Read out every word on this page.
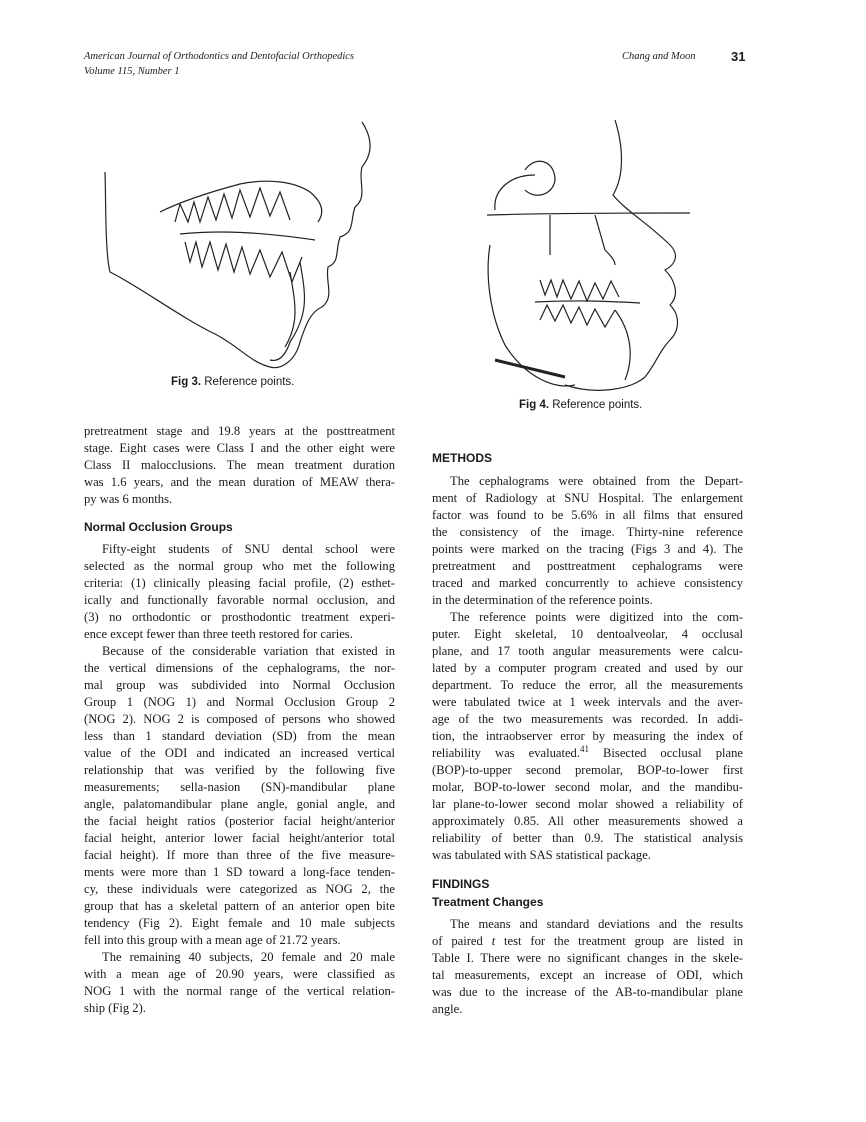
American Journal of Orthodontics and Dentofacial Orthopedics
Volume 115, Number 1
Chang and Moon	31
Fig 3. Reference points.
Fig 4. Reference points.
pretreatment stage and 19.8 years at the posttreatment
stage. Eight cases were Class I and the other eight were
Class II malocclusions. The mean treatment duration
was 1.6 years, and the mean duration of MEAW thera-
py was 6 months.
Normal Occlusion Groups
Fifty-eight students of SNU dental school were
selected as the normal group who met the following
criteria: (1) clinically pleasing facial profile, (2) esthet-
ically and functionally favorable normal occlusion, and
(3) no orthodontic or prosthodontic treatment experi-
ence except fewer than three teeth restored for caries.
Because of the considerable variation that existed in
the vertical dimensions of the cephalograms, the nor-
mal group was subdivided into Normal Occlusion
Group 1 (NOG 1) and Normal Occlusion Group 2
(NOG 2). NOG 2 is composed of persons who showed
less than 1 standard deviation (SD) from the mean
value of the ODI and indicated an increased vertical
relationship that was verified by the following five
measurements; sella-nasion (SN)-mandibular plane
angle, palatomandibular plane angle, gonial angle, and
the facial height ratios (posterior facial height/anterior
facial height, anterior lower facial height/anterior total
facial height). If more than three of the five measure-
ments were more than 1 SD toward a long-face tenden-
cy, these individuals were categorized as NOG 2, the
group that has a skeletal pattern of an anterior open bite
tendency (Fig 2). Eight female and 10 male subjects
fell into this group with a mean age of 21.72 years.
The remaining 40 subjects, 20 female and 20 male
with a mean age of 20.90 years, were classified as
NOG 1 with the normal range of the vertical relation-
ship (Fig 2).
METHODS
The cephalograms were obtained from the Depart-
ment of Radiology at SNU Hospital. The enlargement
factor was found to be 5.6% in all films that ensured
the consistency of the image. Thirty-nine reference
points were marked on the tracing (Figs 3 and 4). The
pretreatment and posttreatment cephalograms were
traced and marked concurrently to achieve consistency
in the determination of the reference points.
The reference points were digitized into the com-
puter. Eight skeletal, 10 dentoalveolar, 4 occlusal
plane, and 17 tooth angular measurements were calcu-
lated by a computer program created and used by our
department. To reduce the error, all the measurements
were tabulated twice at 1 week intervals and the aver-
age of the two measurements was recorded. In addi-
tion, the intraobserver error by measuring the index of
reliability was evaluated.$^{41}$ Bisected occlusal plane
(BOP)-to-upper second premolar, BOP-to-lower first
molar, BOP-to-lower second molar, and the mandibu-
lar plane-to-lower second molar showed a reliability of
approximately 0.85. All other measurements showed a
reliability of better than 0.9. The statistical analysis
was tabulated with SAS statistical package.
FINDINGS
Treatment Changes
The means and standard deviations and the results
of paired t test for the treatment group are listed in
Table I. There were no significant changes in the skele-
tal measurements, except an increase of ODI, which
was due to the increase of the AB-to-mandibular plane
angle.
